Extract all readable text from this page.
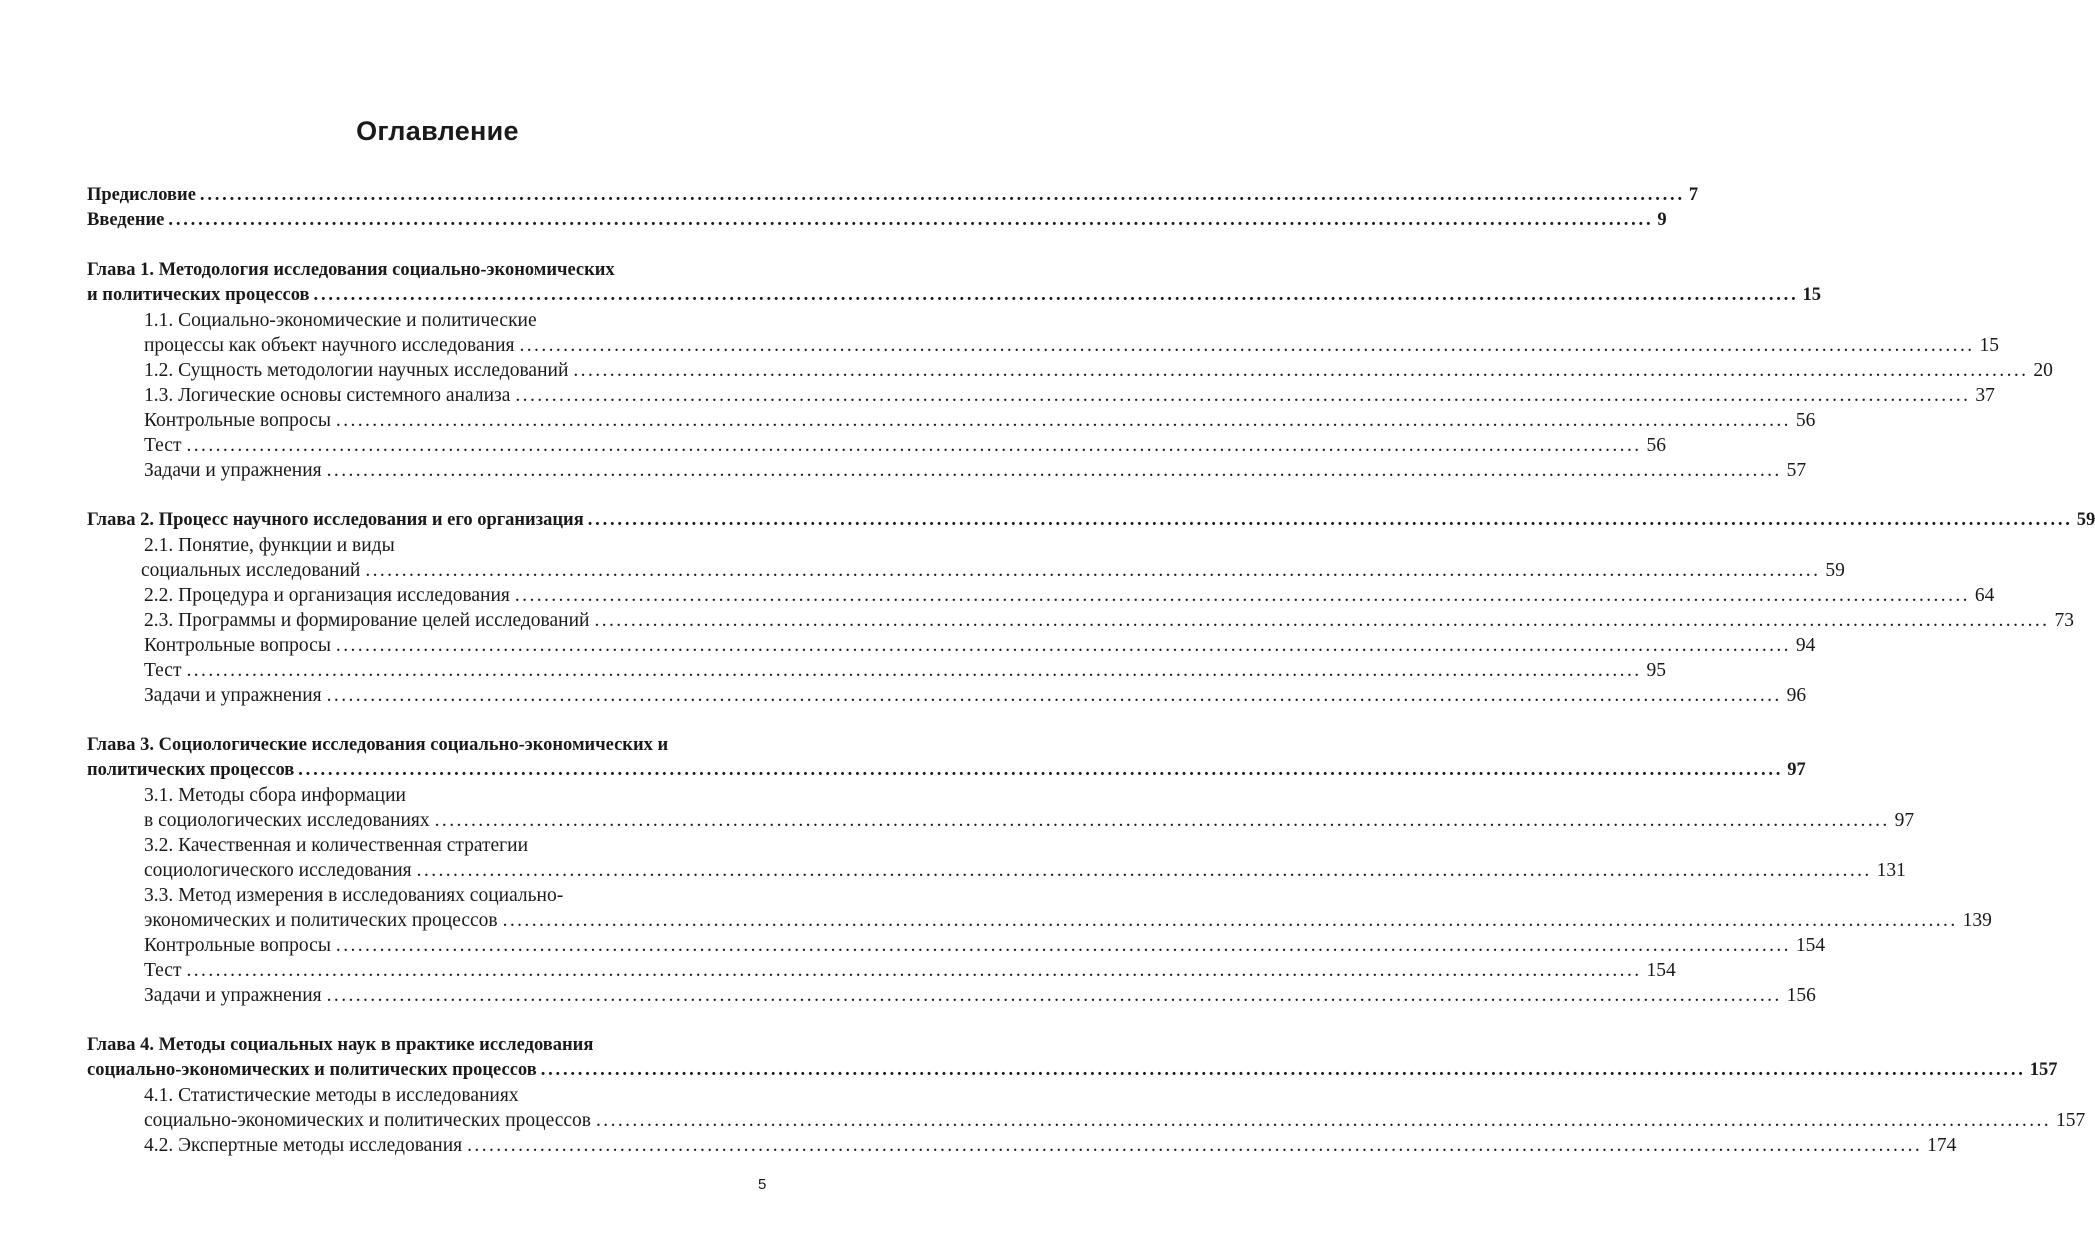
Оглавление
Предисловие ........................................................................................................................................................................................................ 7
Введение ........................................................................................................................................................................................................ 9
Глава 1. Методология исследования социально-экономических
и политических процессов ........................................................................................................................................................................................................ 15
1.1. Социально-экономические и политические
процессы как объект научного исследования ........................................................................................................................................................................................................ 15
1.2. Сущность методологии научных исследований ........................................................................................................................................................................................................ 20
1.3. Логические основы системного анализа ........................................................................................................................................................................................................ 37
Контрольные вопросы ........................................................................................................................................................................................................ 56
Тест ........................................................................................................................................................................................................ 56
Задачи и упражнения ........................................................................................................................................................................................................ 57
Глава 2. Процесс научного исследования и его организация ........................................................................................................................................................................................................ 59
2.1. Понятие, функции и виды
социальных исследований ........................................................................................................................................................................................................ 59
2.2. Процедура и организация исследования ........................................................................................................................................................................................................ 64
2.3. Программы и формирование целей исследований ........................................................................................................................................................................................................ 73
Контрольные вопросы ........................................................................................................................................................................................................ 94
Тест ........................................................................................................................................................................................................ 95
Задачи и упражнения ........................................................................................................................................................................................................ 96
Глава 3. Социологические исследования социально-экономических и
политических процессов ........................................................................................................................................................................................................ 97
3.1. Методы сбора информации
в социологических исследованиях ........................................................................................................................................................................................................ 97
3.2. Качественная и количественная стратегии
социологического исследования ........................................................................................................................................................................................................ 131
3.3. Метод измерения в исследованиях социально-
экономических и политических процессов ........................................................................................................................................................................................................ 139
Контрольные вопросы ........................................................................................................................................................................................................ 154
Тест ........................................................................................................................................................................................................ 154
Задачи и упражнения ........................................................................................................................................................................................................ 156
Глава 4. Методы социальных наук в практике исследования
социально-экономических и политических процессов ........................................................................................................................................................................................................ 157
4.1. Статистические методы в исследованиях
социально-экономических и политических процессов ........................................................................................................................................................................................................ 157
4.2. Экспертные методы исследования ........................................................................................................................................................................................................ 174
5
